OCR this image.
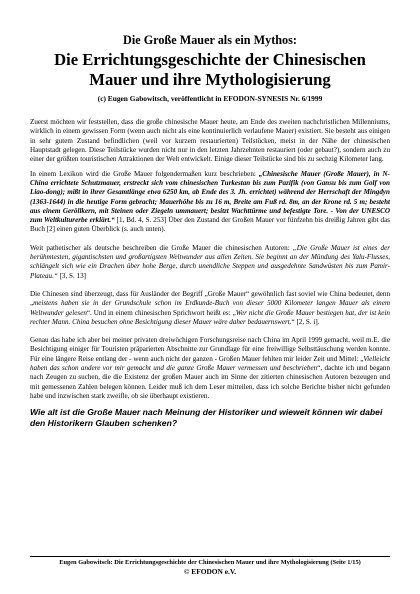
Die Große Mauer als ein Mythos:
Die Errichtungsgeschichte der Chinesischen
Mauer und ihre Mythologisierung
(c) Eugen Gabowitsch, veröffentlicht in EFODON-SYNESIS Nr. 6/1999

Zuerst möchten wir feststellen, dass die große chinesische Mauer heute, am Ende des zweiten nachchristlichen Millenniums, wirklich in einem gewissen Form (wenn auch nicht als eine kontinuierlich verlaufene Mauer) existiert. Sie besteht aus einigen in sehr gutem Zustand befindlichen (weil vor kurzem restaurierten) Teilstücken, meist in der Nähe der chinesischen Hauptstadt gelegen. Diese Teilstücke wurden nicht nur in den letzten Jahrzehnten restauriert (oder gebaut?), sondern auch zu einer der größten touristischen Attraktionen der Welt entwickelt. Einige dieser Teilstücke sind bis zu sechzig Kilometer lang.

In einem Lexikon wird die Große Mauer folgendermaßen kurz beschrieben: „Chinesische Mauer (Große Mauer), in N-China errichtete Schutzmauer, erstreckt sich vom chinesischen Turkestan bis zum Pazifik (von Gansu bis zum Golf von Liao-dong); mißt in ihrer Gesamtlänge etwa 6250 km, ab Ende des 3. Jh. errichtet) während der Herrschaft der Mingdyn (1363-1644) in die heutige Form gebracht; Mauerhöhe bis zu 16 m, Breite am Fuß rd. 8m, an der Krone rd. 5 m; besteht aus einem Geröllkern, mit Steinen oder Ziegeln ummauert; besitzt Wachttürme und befestigte Tore. - Von der UNESCO zum Weltkulturerbe erklärt.“ [1, Bd. 4, S. 253] Über den Zustand der Großen Mauer vor fünfzehn bis dreißig Jahren gibt das Buch [2] einen guten Überblick (s. auch unten).

Weit pathetischer als deutsche beschreiben die Große Mauer die chinesischen Autoren: „Die Große Mauer ist eines der berühmtesten, gigantischsten und großartigsten Weltwunder aus allen Zeiten. Sie beginnt an der Mündung des Yalu-Flusses, schlängelt sich wie ein Drachen über hohe Berge, durch unendliche Steppen und ausgedehnte Sandwüsten bis zum Pamir-Plateau.“ [3, S. 13]

Die Chinesen sind überzeugt, dass für Ausländer der Begriff „Große Mauer“ gewöhnlich fast soviel wie China bedeutet, denn „meistens haben sie in der Grundschule schon im Erdkunde-Buch von dieser 5000 Kilometer langen Mauer als einem Weltwunder gelesen“. Und in einem chinesischen Sprichwort heißt es: „Wer nicht die Große Mauer bestiegen hat, der ist kein rechter Mann. China besuchen ohne Besichtigung dieser Mauer wäre daher bedauernswert.“ [2, S. i].

Genau das habe ich aber bei meiner privaten dreiwöchigen Forschungsreise nach China im April 1999 gemacht, weil m.E. die Besichtigung einiger für Touristen präparierten Abschnitte zur Grundlage für eine freiwillige Selbsttäuschung werden konnte. Für eine längere Reise entlang der - wenn auch nicht der ganzen - Großen Mauer fehlten mir leider Zeit und Mittel: „Vielleicht haben das schon andere vor mir gemacht und die ganze Große Mauer vermessen und beschrieben“, dachte ich und begann nach Zeugen zu suchen, die die Existenz der großen Mauer auch im Sinne der zitierten chinesischen Autoren bezeugen und mit gemessenen Zahlen belegen können. Leider muß ich dem Leser mitteilen, dass ich solche Berichte bisher nicht gefunden habe und inzwischen stark zweifle, ob sie überhaupt existieren.

Wie alt ist die Große Mauer nach Meinung der Historiker und wieweit können wir dabei den Historikern Glauben schenken?

Eugen Gabowitsch: Die Errichtungsgeschichte der Chinesischen Mauer und ihre Mythologisierung (Seite 1/15)
© EFODON e.V.
